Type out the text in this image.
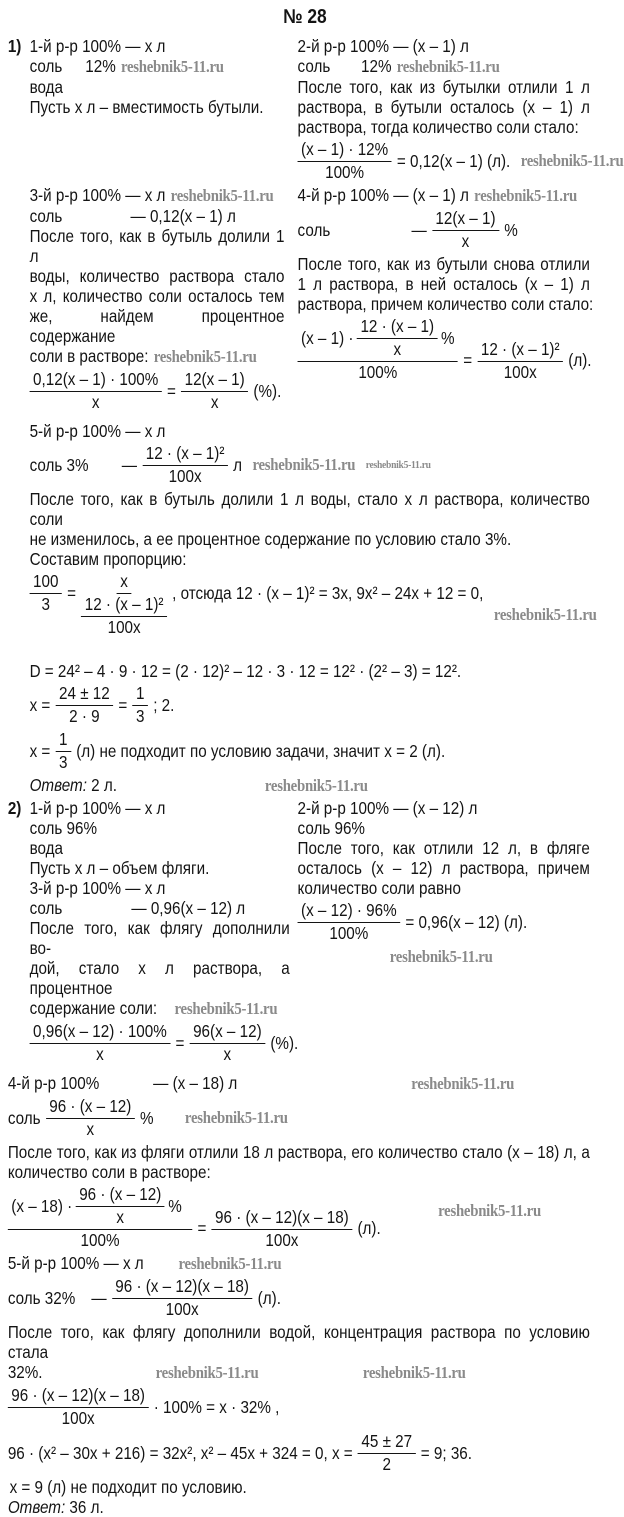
№ 28
1) 1-й р-р 100% — x л
соль 12% reshebnik5-11.ru
вода
Пусть x л – вместимость бутыли.
2-й р-р 100% — (x – 1) л
соль 12% reshebnik5-11.ru
После того, как из бутылки отлили 1 л
раствора, в бутыли осталось (x – 1) л
раствора, тогда количество соли стало:
$\frac{(x - 1) \cdot 12\%}{100\%} = 0,12(x - 1)$ (л). reshebnik5-11.ru
3-й р-р 100% — x л reshebnik5-11.ru
соль	— 0,12(x – 1) л
После того, как в бутыль долили 1 л
воды, количество раствора стало
x л, количество соли осталось тем
же, найдем процентное содержание
соли в растворе: reshebnik5-11.ru
$\frac{0,12(x - 1) \cdot 100\%}{x} = \frac{12(x - 1)}{x}$ (%).
4-й р-р 100% — (x – 1) л reshebnik5-11.ru
соль	— $\frac{12(x - 1)}{x}$ %
После того, как из бутыли снова отлили
1 л раствора, в ней осталось (x – 1) л
раствора, причем количество соли стало:
$\frac{(x - 1) \cdot \frac{12 \cdot (x - 1)}{x} \%}{100\%} = \frac{\text{12 · (x – 1)²}}{100x} (л)$.
5-й р-р 100% — x л
соль 3%	— $\frac{\text{12 · (x – 1)²}}{100x}$ л reshebnik5-11.ru reshebnik5-11.ru
После того, как в бутыль долили 1 л воды, стало x л раствора, количество соли
не изменилось, а ее процентное содержание по условию стало 3%.
Составим пропорцию:
$\frac{100}{3} = \frac{x}{\frac{\text{12 · (x – 1)²}}{100x}}$ , отсюда 12 · (x – 1)² = 3x, 9x² – 24x + 12 = 0,
reshebnik5-11.ru
D = 24² – 4 · 9 · 12 = (2 · 12)² – 12 · 3 · 12 = 12² · (2² – 3) = 12².
$x = \frac{24 \pm 12}{2 \cdot 9} = \frac{1}{3}$ ; 2.
$x = \frac{1}{3} (л)$ не подходит по условию задачи, значит x = 2 (л).
Ответ: 2 л.	reshebnik5-11.ru
2) 1-й р-р 100% — x л
соль 96%
вода
Пусть x л – объем фляги.
3-й р-р 100% — x л
соль	— 0,96(x – 12) л
После того, как флягу дополнили во-
дой, стало x л раствора, а процентное
содержание соли: reshebnik5-11.ru
$\frac{0,96(x - 12) \cdot 100\%}{x} = \frac{96(x - 12)}{x}$ (%).
2-й р-р 100% — (x – 12) л
соль 96%
После того, как отлили 12 л, в фляге
осталось (x – 12) л раствора, причем
количество соли равно
$\frac{(x - 12) \cdot 96\%}{100\%} = 0,96(x - 12)$ (л).
reshebnik5-11.ru
4-й р-р 100%	— (x – 18) л	reshebnik5-11.ru
соль $\frac{96 \cdot (x - 12)}{x}$ % reshebnik5-11.ru
После того, как из фляги отлили 18 л раствора, его количество стало (x – 18) л, а
количество соли в растворе:
$\frac{(x - 18) \cdot \frac{96 \cdot (x - 12)}{x} \%}{100\%} = \frac{96 \cdot (x - 12)(x - 18)}{100x} (л)$.
reshebnik5-11.ru
5-й р-р 100% — x л reshebnik5-11.ru
соль 32% — $\frac{96 \cdot (x - 12)(x - 18)}{100x} (л)$.
После того, как флягу дополнили водой, концентрация раствора по условию стала
32%.	reshebnik5-11.ru	reshebnik5-11.ru
$\frac{96 \cdot (x - 12)(x - 18)}{100x} \cdot 100\% = x \cdot 32\%$ ,
96 · (x² – 30x + 216) = 32x², x² – 45x + 324 = 0, $x = \frac{45 \pm 27}{2} = 9$; 36.
x = 9 (л) не подходит по условию.
Ответ: 36 л.
